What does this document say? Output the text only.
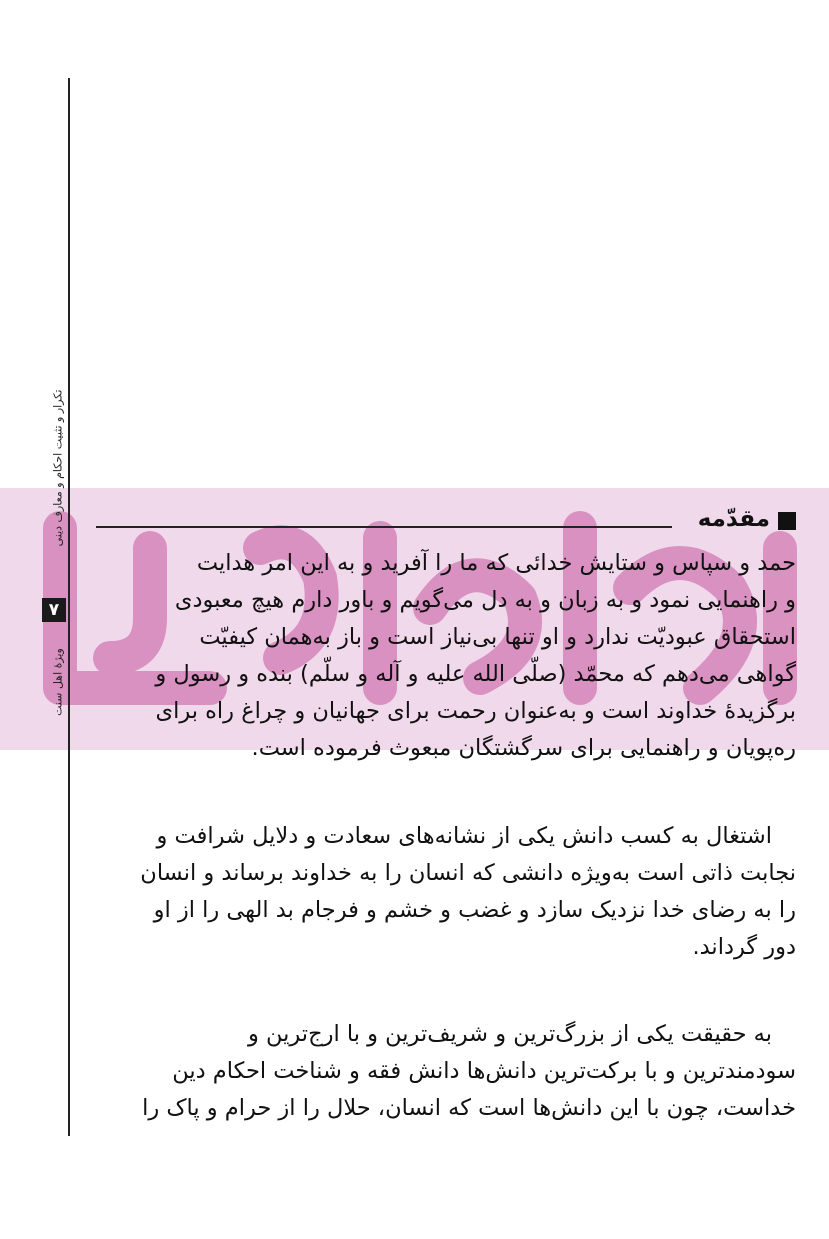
تکرار و تثبیت احکام و معارف دینی
۷
ویژهٔ اهل سنت
مقدّمه

حمد و سپاس و ستایش خدائی که ما را آفرید و به این امر هدایت
و راهنمایی نمود و به زبان و به دل می‌گویم و باور دارم هیچ معبودی
استحقاق عبودیّت ندارد و او تنها بی‌نیاز است و باز به‌همان کیفیّت
گواهی می‌دهم که محمّد (صلّی الله علیه و آله و سلّم) بنده و رسول و
برگزیدهٔ خداوند است و به‌عنوان رحمت برای جهانیان و چراغ راه برای
ره‌پویان و راهنمایی برای سرگشتگان مبعوث فرموده است.

اشتغال به کسب دانش یکی از نشانه‌های سعادت و دلایل شرافت و
نجابت ذاتی است به‌ویژه دانشی که انسان را به خداوند برساند و انسان
را به رضای خدا نزدیک سازد و غضب و خشم و فرجام بد الهی را از او
دور گرداند.

به حقیقت یکی از بزرگ‌ترین و شریف‌ترین و با ارج‌ترین و
سودمندترین و با برکت‌ترین دانش‌ها دانش فقه و شناخت احکام دین
خداست، چون با این دانش‌ها است که انسان، حلال را از حرام و پاک را
